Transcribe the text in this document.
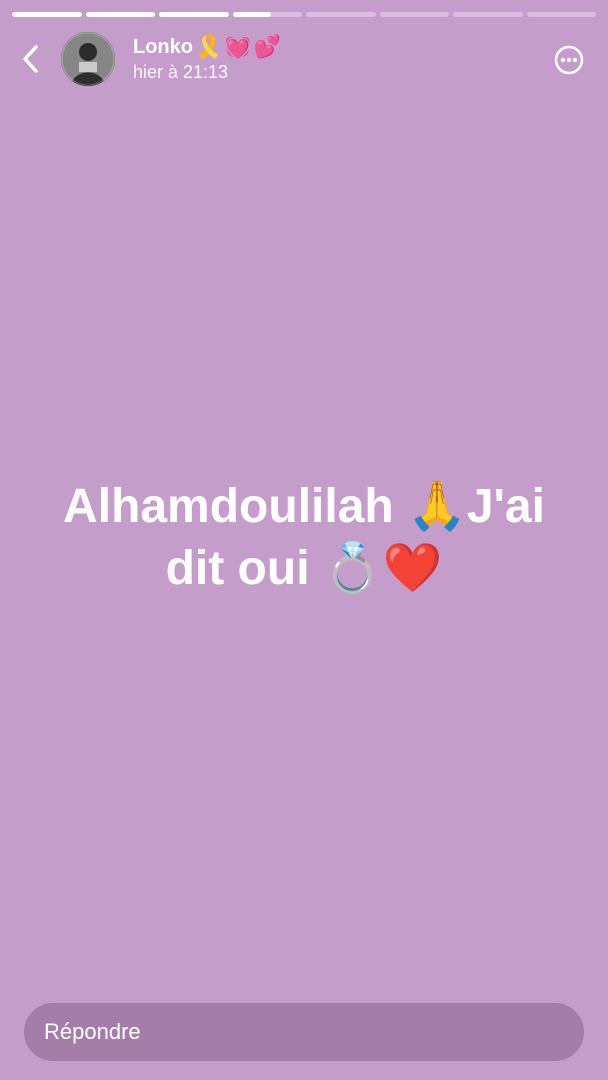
Lonko 🎗️ 💓 💕
hier à 21:13
Alhamdoulilah 🙏J'ai
dit oui 💍❤️
Répondre
